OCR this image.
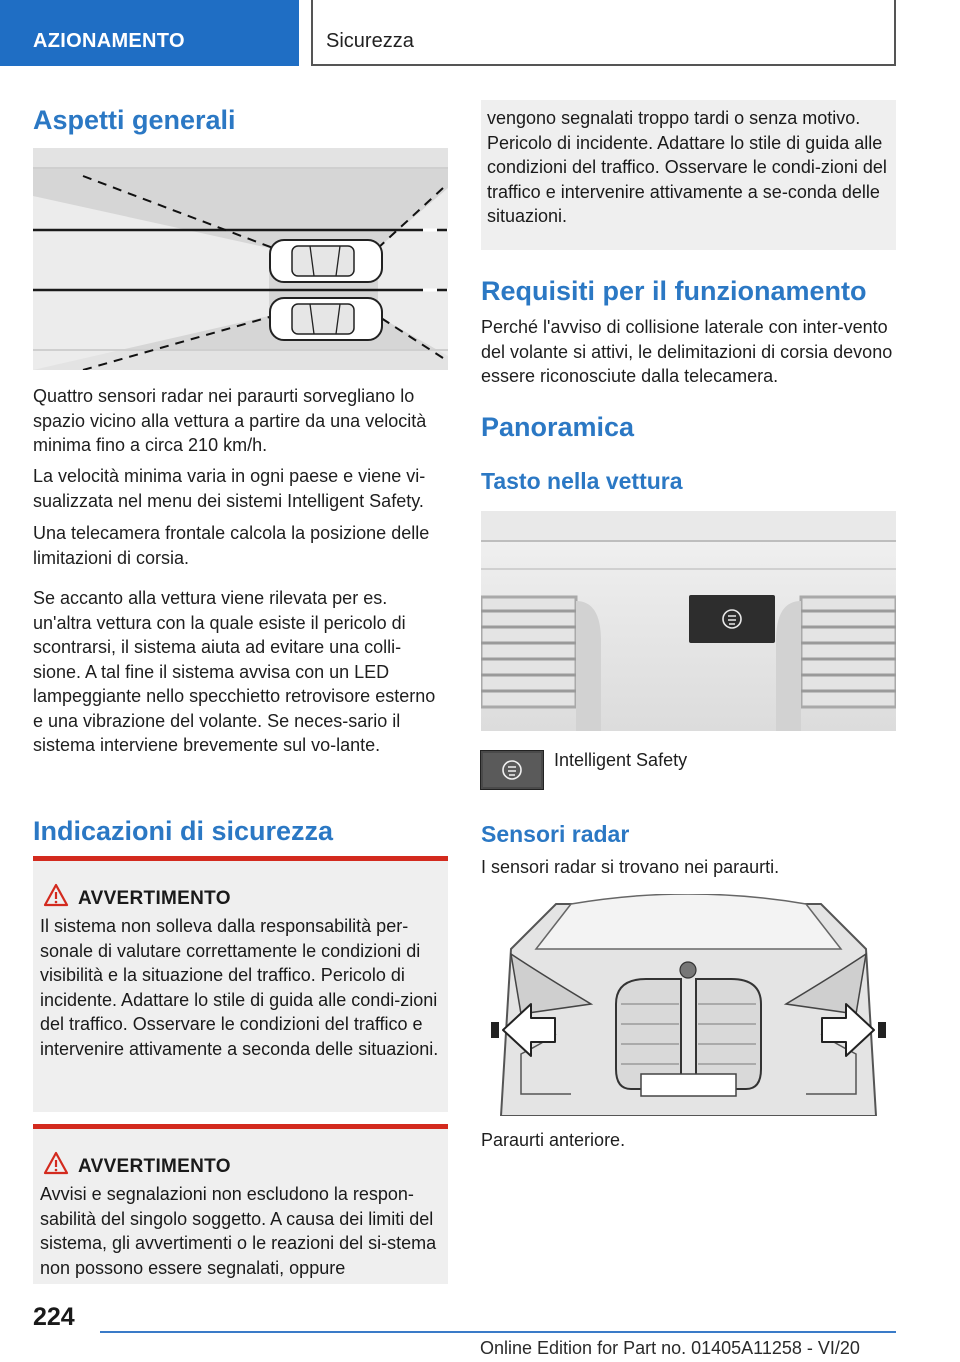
AZIONAMENTO	Sicurezza
Aspetti generali

Quattro sensori radar nei paraurti sorvegliano lo spazio vicino alla vettura a partire da una velocità minima fino a circa 210 km/h.

La velocità minima varia in ogni paese e viene vi-sualizzata nel menu dei sistemi Intelligent Safety.

Una telecamera frontale calcola la posizione delle limitazioni di corsia.

Se accanto alla vettura viene rilevata per es. un'altra vettura con la quale esiste il pericolo di scontrarsi, il sistema aiuta ad evitare una colli-sione. A tal fine il sistema avvisa con un LED lampeggiante nello specchietto retrovisore esterno e una vibrazione del volante. Se neces-sario il sistema interviene brevemente sul vo-lante.

Indicazioni di sicurezza
AVVERTIMENTO
Il sistema non solleva dalla responsabilità per-sonale di valutare correttamente le condizioni di visibilità e la situazione del traffico. Pericolo di incidente. Adattare lo stile di guida alle condi-zioni del traffico. Osservare le condizioni del traffico e intervenire attivamente a seconda delle situazioni.
AVVERTIMENTO
Avvisi e segnalazioni non escludono la respon-sabilità del singolo soggetto. A causa dei limiti del sistema, gli avvertimenti o le reazioni del si-stema non possono essere segnalati, oppure
vengono segnalati troppo tardi o senza motivo. Pericolo di incidente. Adattare lo stile di guida alle condizioni del traffico. Osservare le condi-zioni del traffico e intervenire attivamente a se-conda delle situazioni.
Requisiti per il funzionamento

Perché l'avviso di collisione laterale con inter-vento del volante si attivi, le delimitazioni di corsia devono essere riconosciute dalla telecamera.

Panoramica
Tasto nella vettura
Intelligent Safety
Sensori radar

I sensori radar si trovano nei paraurti.

Paraurti anteriore.

224
Online Edition for Part no. 01405A11258 - VI/20
